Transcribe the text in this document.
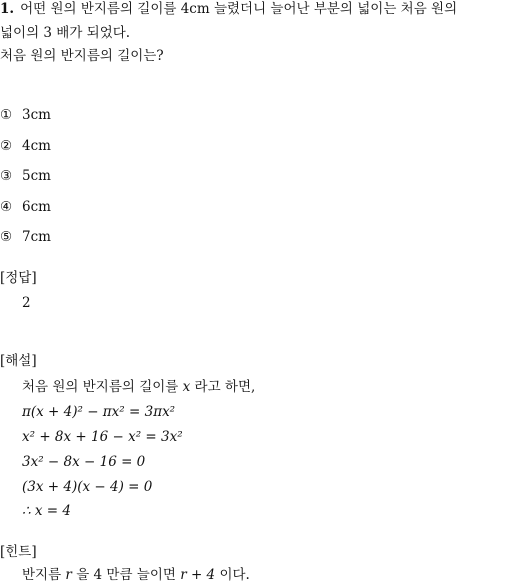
1. 어떤 원의 반지름의 길이를 4cm 늘렸더니 늘어난 부분의 넓이는 처음 원의
넓이의 3 배가 되었다.
처음 원의 반지름의 길이는?
① 3cm
② 4cm
③ 5cm
④ 6cm
⑤ 7cm
[정답]
2
[해설]
처음 원의 반지름의 길이를 x 라고 하면,
π(x + 4)² − πx² = 3πx²
x² + 8x + 16 − x² = 3x²
3x² − 8x − 16 = 0
(3x + 4)(x − 4) = 0
∴ x = 4
[힌트]
반지름 r 을 4 만큼 늘이면 r + 4 이다.
